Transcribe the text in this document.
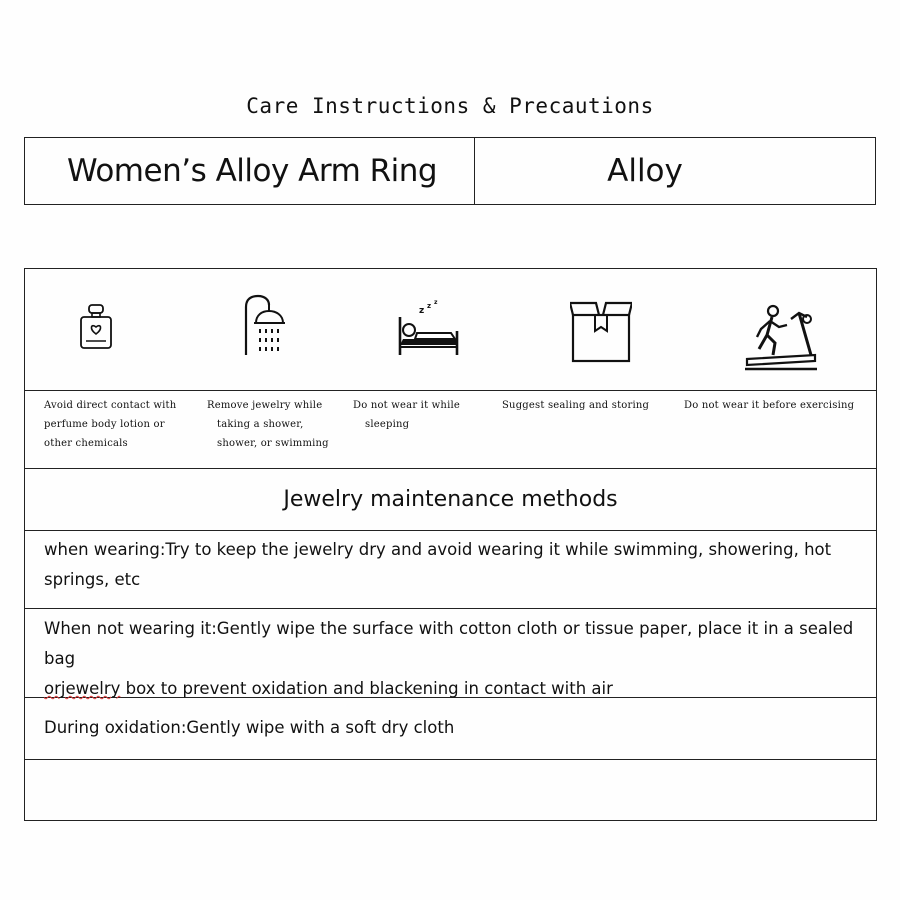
Care Instructions & Precautions
Women’s Alloy Arm Ring	Alloy
z z z
Avoid direct contact with
perfume body lotion or
other chemicals
Remove jewelry while
taking a shower,
shower, or swimming
Do not wear it while
sleeping
Suggest sealing and storing	Do not wear it before exercising
Jewelry maintenance methods
when wearing:Try to keep the jewelry dry and avoid wearing it while swimming, showering, hot springs, etc
When not wearing it:Gently wipe the surface with cotton cloth or tissue paper, place it in a sealed bag
orjewelry box to prevent oxidation and blackening in contact with air
During oxidation:Gently wipe with a soft dry cloth
